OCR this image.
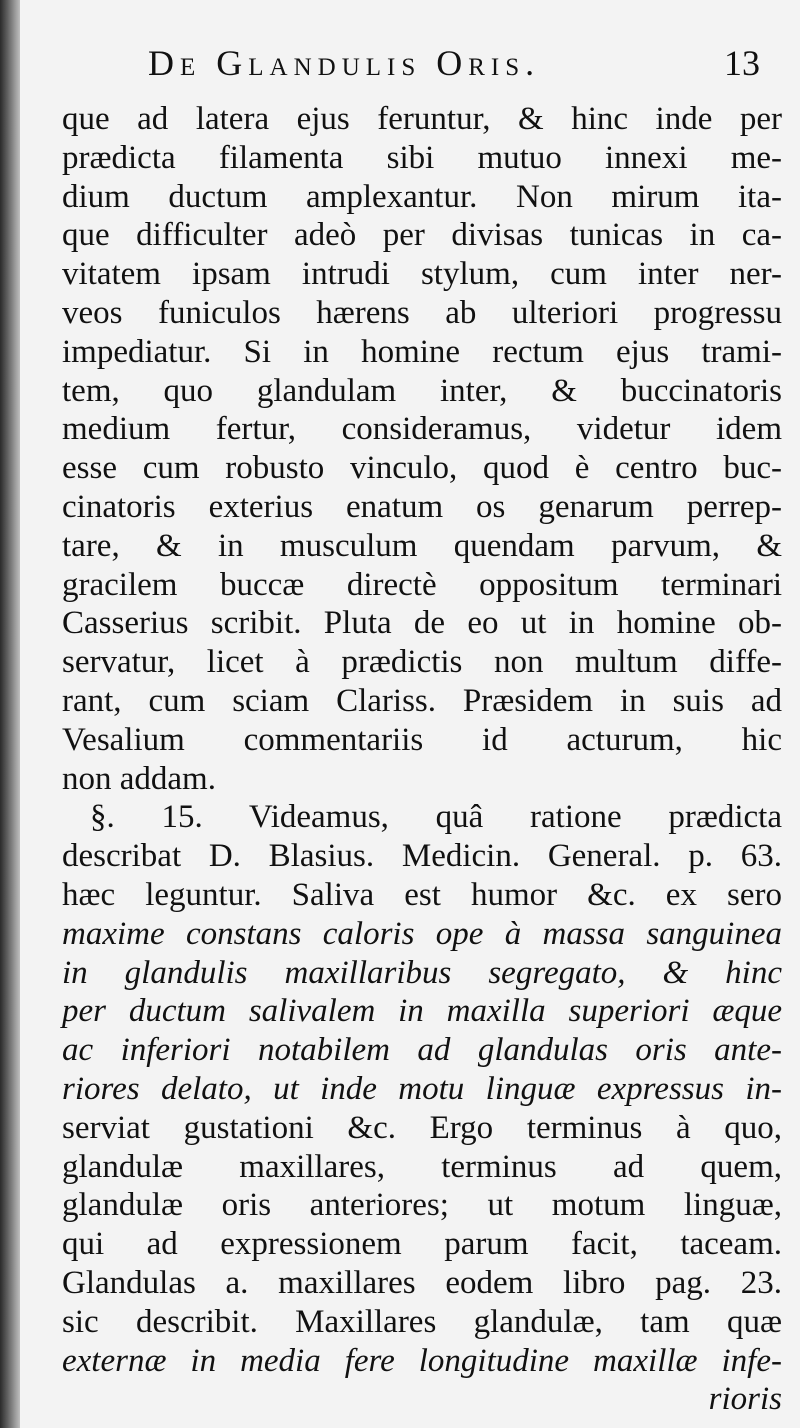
De Glandulis Oris.	13
que ad latera ejus feruntur, & hinc inde per
prædicta filamenta sibi mutuo innexi me-
dium ductum amplexantur. Non mirum ita-
que difficulter adeò per divisas tunicas in ca-
vitatem ipsam intrudi stylum, cum inter ner-
veos funiculos hærens ab ulteriori progressu
impediatur. Si in homine rectum ejus trami-
tem, quo glandulam inter, & buccinatoris
medium fertur, consideramus, videtur idem
esse cum robusto vinculo, quod è centro buc-
cinatoris exterius enatum os genarum perrep-
tare, & in musculum quendam parvum, &
gracilem buccæ directè oppositum terminari
Casserius scribit. Pluta de eo ut in homine ob-
servatur, licet à prædictis non multum diffe-
rant, cum sciam Clariss. Præsidem in suis ad
Vesalium commentariis id acturum, hic
non addam.
§. 15. Videamus, quâ ratione prædicta
describat D. Blasius. Medicin. General. p. 63.
hæc leguntur. Saliva est humor &c. ex sero
maxime constans caloris ope à massa sanguinea
in glandulis maxillaribus segregato, & hinc
per ductum salivalem in maxilla superiori æque
ac inferiori notabilem ad glandulas oris ante-
riores delato, ut inde motu linguæ expressus in-
serviat gustationi &c. Ergo terminus à quo,
glandulæ maxillares, terminus ad quem,
glandulæ oris anteriores; ut motum linguæ,
qui ad expressionem parum facit, taceam.
Glandulas a. maxillares eodem libro pag. 23.
sic describit. Maxillares glandulæ, tam quæ
externæ in media fere longitudine maxillæ infe-
rioris
